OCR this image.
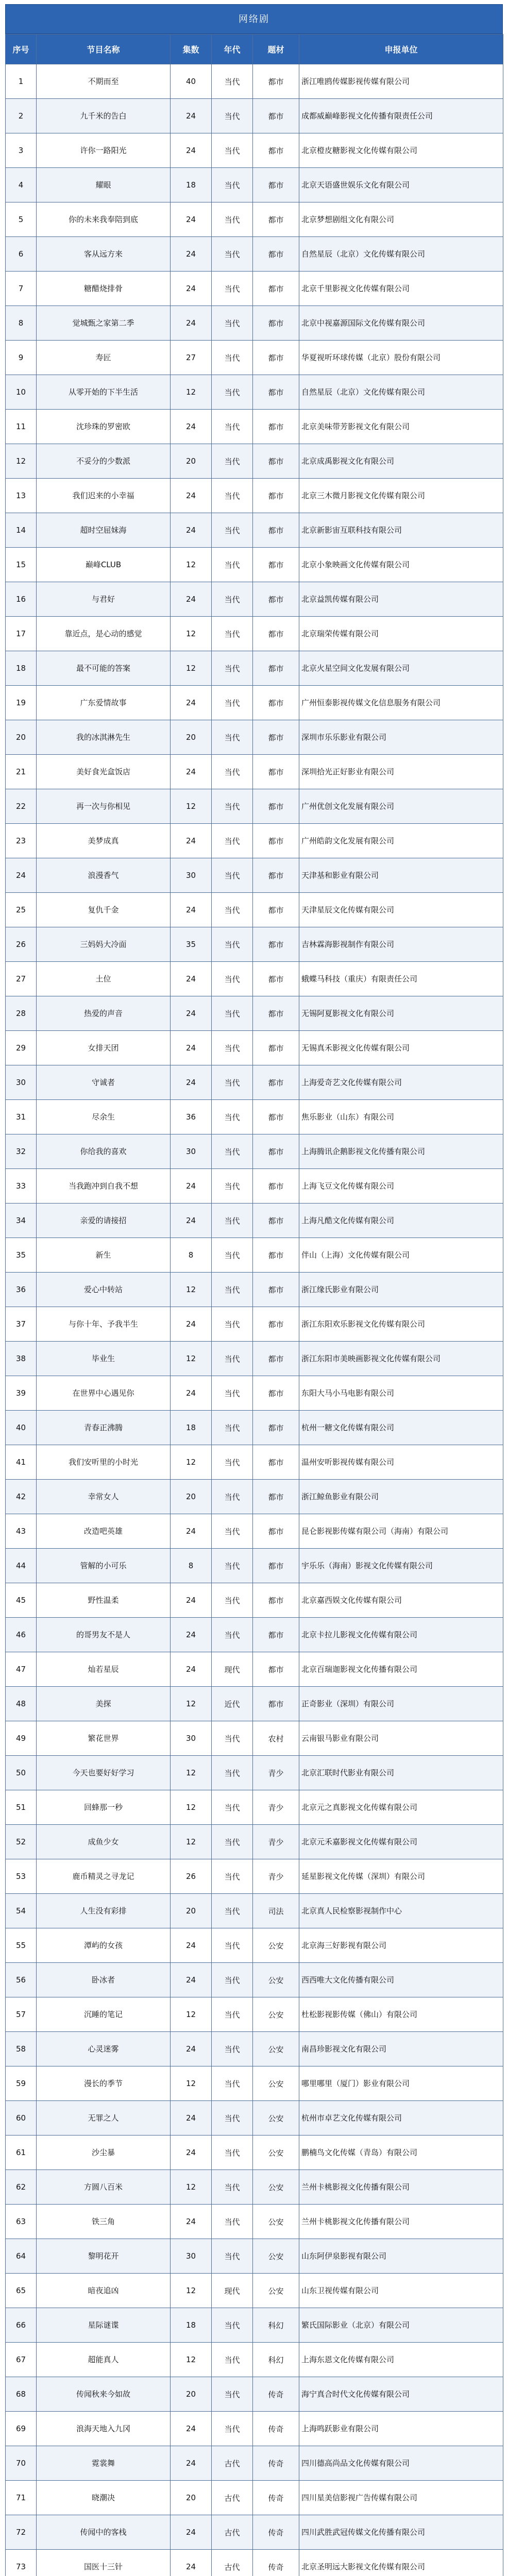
网络剧
序号	节目名称	集数	年代	题材	申报单位
1	不期而至	40	当代	都市	浙江唯鸥传媒影视传媒有限公司
2	九千米的告白	24	当代	都市	成都威巅峰影视文化传播有限责任公司
3	许你一路阳光	24	当代	都市	北京橙皮糖影视文化传媒有限公司
4	耀眼	18	当代	都市	北京天语盛世娱乐文化有限公司
5	你的未来我奉陪到底	24	当代	都市	北京梦想剧组文化有限公司
6	客从远方来	24	当代	都市	自然星辰（北京）文化传媒有限公司
7	糖醋烧排骨	24	当代	都市	北京千里影视文化传媒有限公司
8	觉城甄之家第二季	24	当代	都市	北京中视嘉源国际文化传媒有限公司
9	寿匠	27	当代	都市	华夏视听环球传媒（北京）股份有限公司
10	从零开始的下半生活	12	当代	都市	自然星辰（北京）文化传媒有限公司
11	沈珍珠的罗密欧	24	当代	都市	北京美味带芳影视文化有限公司
12	不妥分的少数派	20	当代	都市	北京成禹影视文化有限公司
13	我们迟来的小幸福	24	当代	都市	北京三木微月影视文化传媒有限公司
14	超时空屈妹海	24	当代	都市	北京新影宙互联科技有限公司
15	巅峰CLUB	12	当代	都市	北京小象映画文化传媒有限公司
16	与君好	24	当代	都市	北京益凯传媒有限公司
17	靠近点，是心动的感觉	12	当代	都市	北京瑞荣传媒有限公司
18	最不可能的答案	12	当代	都市	北京火星空间文化发展有限公司
19	广东爱情故事	24	当代	都市	广州恒泰影视传媒文化信息服务有限公司
20	我的冰淇淋先生	20	当代	都市	深圳市乐乐影业有限公司
21	美好食光盒饭店	24	当代	都市	深圳拾光正好影业有限公司
22	再一次与你相见	12	当代	都市	广州优创文化发展有限公司
23	美梦成真	24	当代	都市	广州皓韵文化发展有限公司
24	浪漫香气	30	当代	都市	天津基和影业有限公司
25	复仇千金	24	当代	都市	天津星辰文化传媒有限公司
26	三妈妈大冷面	35	当代	都市	吉林霖海影视制作有限公司
27	土位	24	当代	都市	蛾蝶马科技（重庆）有限责任公司
28	热爱的声音	24	当代	都市	无锡阿夏影视文化有限公司
29	女排天团	24	当代	都市	无锡真禾影视文化传媒有限公司
30	守诚者	24	当代	都市	上海爱奇艺文化传媒有限公司
31	尽余生	36	当代	都市	焦乐影业（山东）有限公司
32	你给我的喜欢	30	当代	都市	上海腾讯企鹅影视文化传播有限公司
33	当我跑冲到自我不想	24	当代	都市	上海飞豆文化传媒有限公司
34	亲爱的请接招	24	当代	都市	上海凡酷文化传媒有限公司
35	新生	8	当代	都市	伴山（上海）文化传媒有限公司
36	爱心中转站	12	当代	都市	浙江缘氏影业有限公司
37	与你十年、予我半生	24	当代	都市	浙江东阳欢乐影视文化传媒有限公司
38	毕业生	12	当代	都市	浙江东阳市美映画影视文化传媒有限公司
39	在世界中心遇见你	24	当代	都市	东阳大马小马电影有限公司
40	青春正沸腾	18	当代	都市	杭州一糖文化传媒有限公司
41	我们安听里的小时光	12	当代	都市	温州安听影视传媒有限公司
42	幸常女人	20	当代	都市	浙江鲸鱼影业有限公司
43	改造吧英雄	24	当代	都市	昆仑影视影传媒有限公司（海南）有限公司
44	管解的小可乐	8	当代	都市	宇乐乐（海南）影视文化传媒有限公司
45	野性温柔	24	当代	都市	北京嘉西娱文化传媒有限公司
46	的哥男友不是人	24	当代	都市	北京卡拉儿影视文化传媒有限公司
47	灿若星辰	24	现代	都市	北京百瑞迦影视文化传播有限公司
48	美探	12	近代	都市	正奇影业（深圳）有限公司
49	繁花世界	30	当代	农村	云南银马影业有限公司
50	今天也要好好学习	12	当代	青少	北京汇联时代影业有限公司
51	回蜂那一秒	12	当代	青少	北京元之真影视文化传媒有限公司
52	成鱼少女	12	当代	青少	北京元禾嘉影视文化传媒有限公司
53	鹿币精灵之寻龙记	26	当代	青少	延星影视文化传媒（深圳）有限公司
54	人生没有彩排	20	当代	司法	北京真人民检察影视制作中心
55	潭屿的女孩	24	当代	公安	北京海三好影视有限公司
56	卧冰者	24	当代	公安	西西唯大文化传播有限公司
57	沉睡的笔记	12	当代	公安	杜松影视影传媒（佛山）有限公司
58	心灵迷雾	24	当代	公安	南昌珍影视文化有限公司
59	漫长的季节	12	当代	公安	哪里哪里（厦门）影业有限公司
60	无罪之人	24	当代	公安	杭州市卓艺文化传媒有限公司
61	沙尘暴	24	当代	公安	鹏楠鸟文化传媒（青岛）有限公司
62	方圆八百米	12	当代	公安	兰州卡桃影视文化传播有限公司
63	铁三角	24	当代	公安	兰州卡桃影视文化传播有限公司
64	黎明花开	30	当代	公安	山东阿伊泉影视有限公司
65	暗夜追凶	12	现代	公安	山东卫视传媒有限公司
66	星际谜谍	18	当代	科幻	繁氏国际影业（北京）有限公司
67	超能真人	12	当代	科幻	上海东恩文化传媒有限公司
68	传闻秋来今如故	20	当代	传奇	海宁真合时代文化传媒有限公司
69	浪海天地入九冈	24	当代	传奇	上海鸣跃影业有限公司
70	霓裳舞	24	古代	传奇	四川德高尚品文化传媒有限公司
71	晓潮决	20	古代	传奇	四川星美信影视广告传媒有限公司
72	传闻中的客栈	24	古代	传奇	四川武胜武冠传媒文化传播有限公司
73	国医十三针	24	古代	传奇	北京圣明远大影视文化传媒有限公司
